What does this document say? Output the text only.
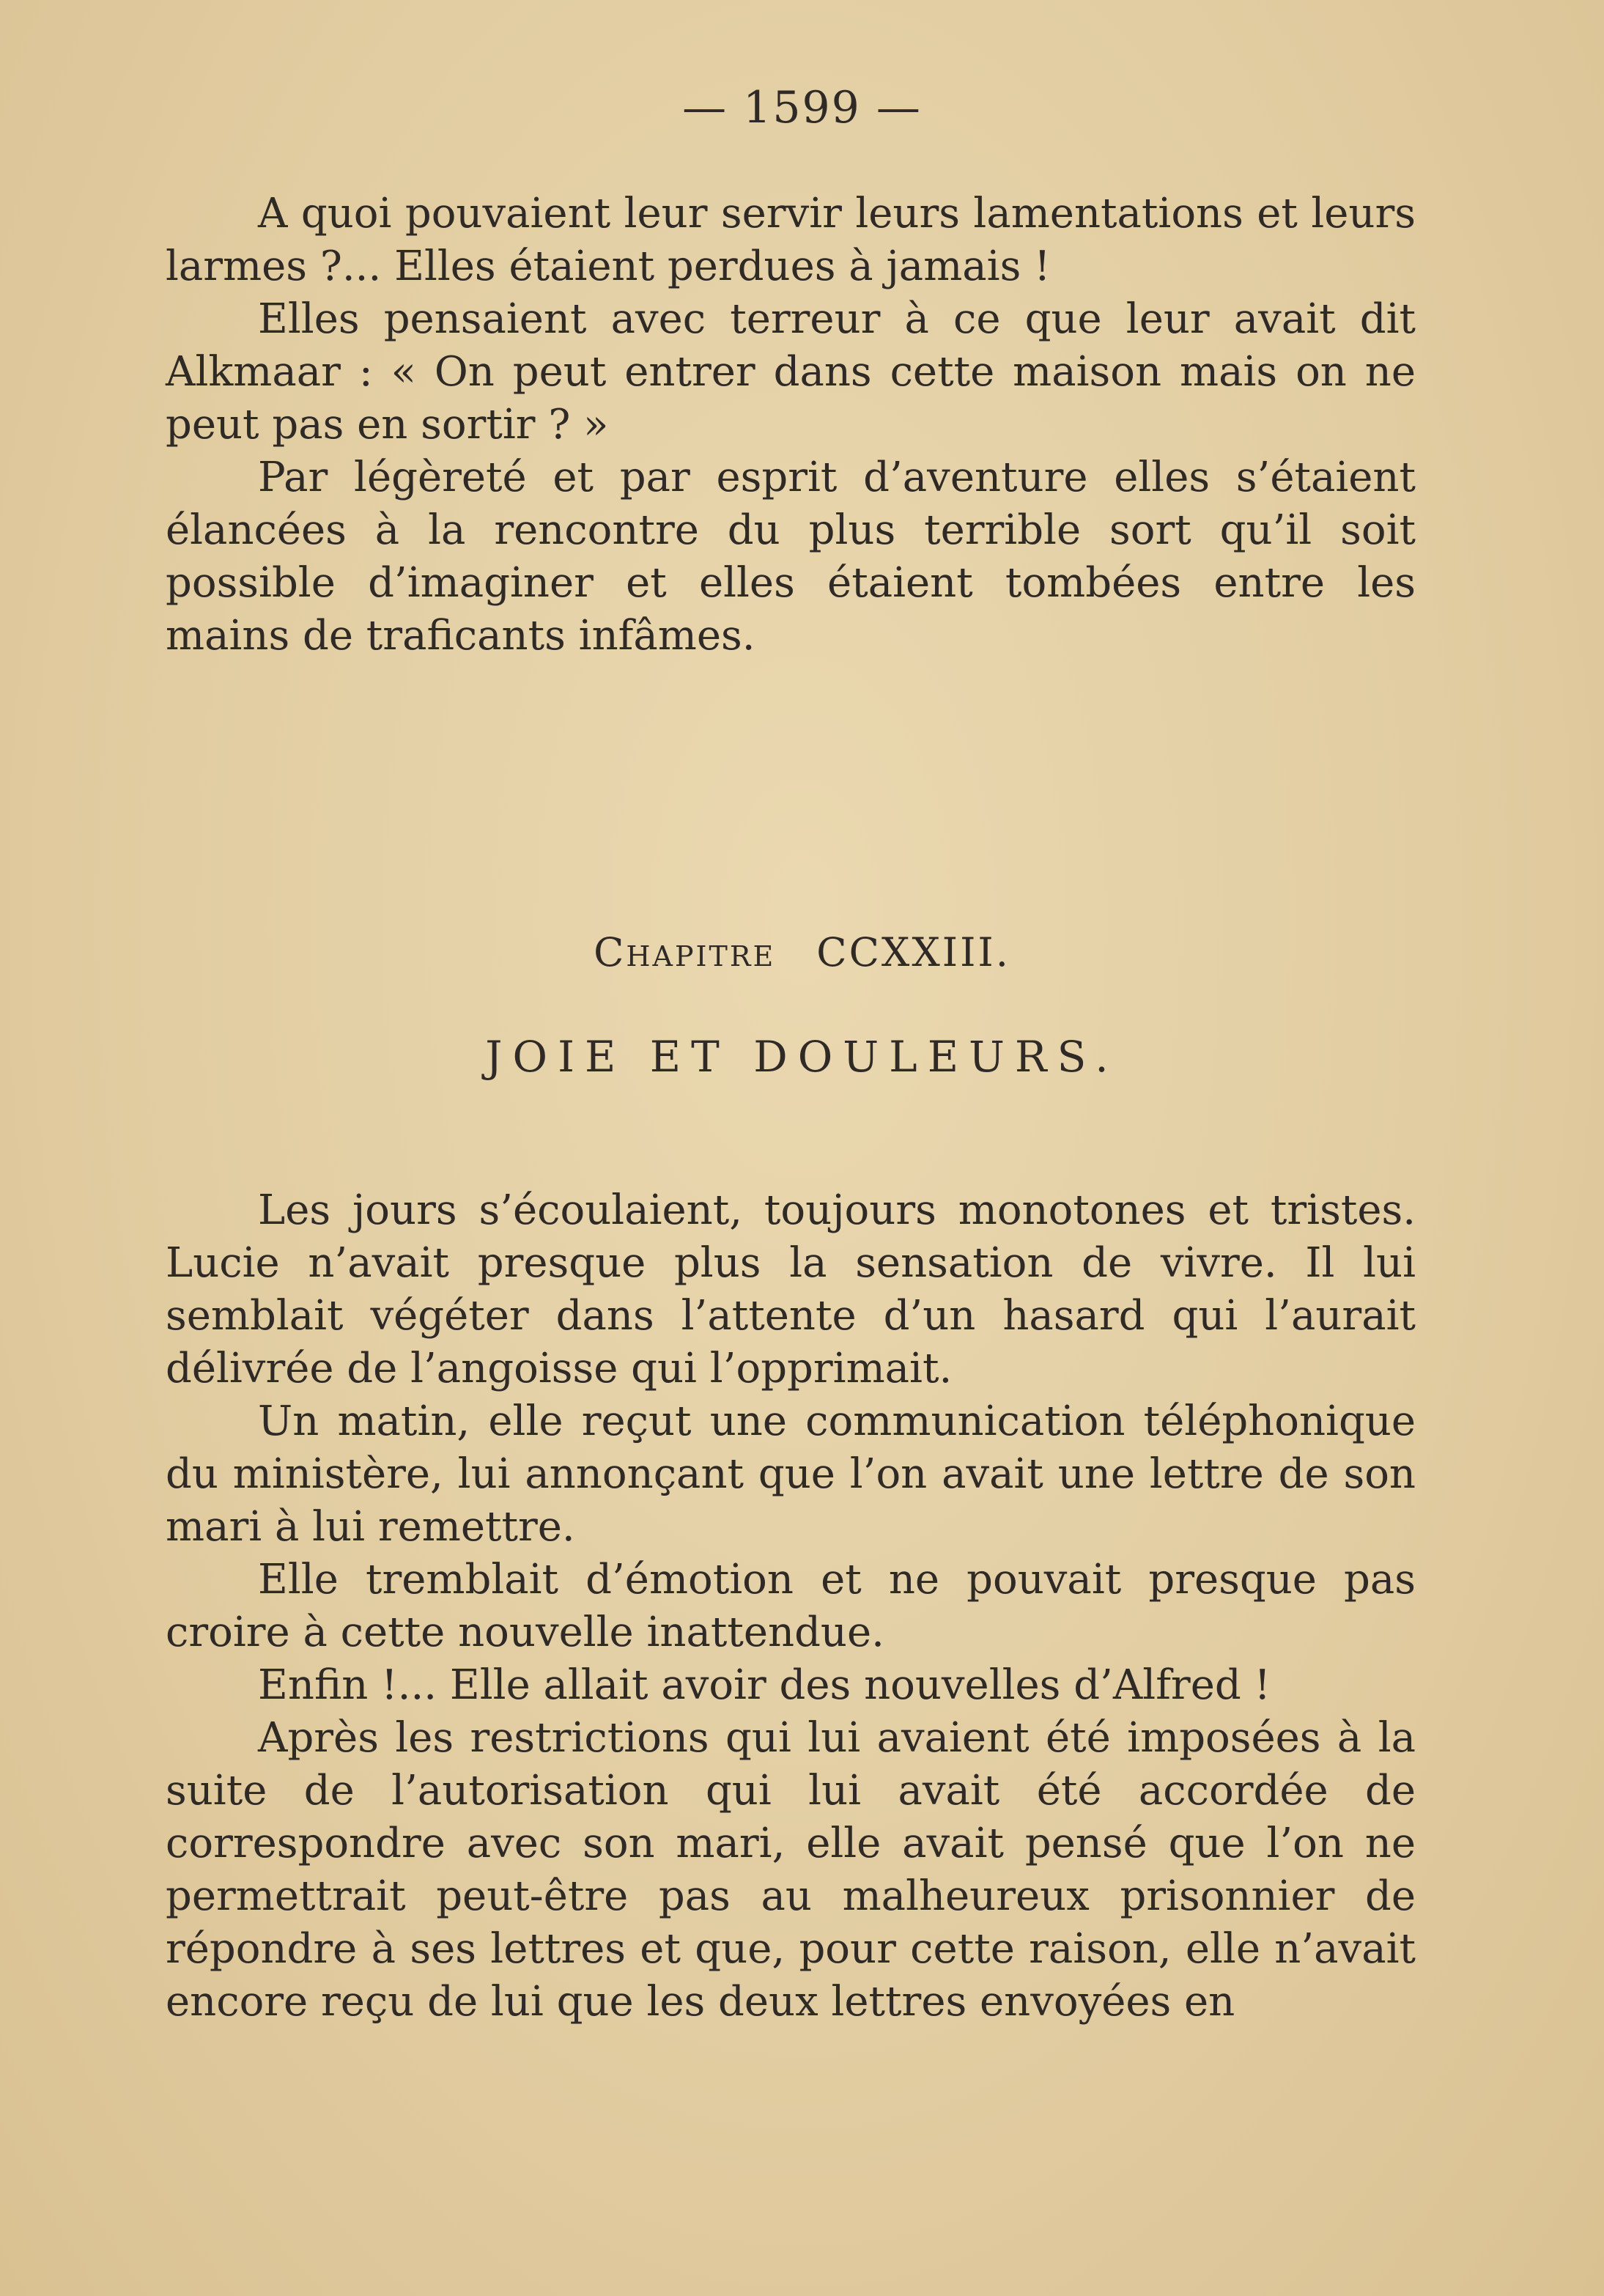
— 1599 —

A quoi pouvaient leur servir leurs lamentations et leurs larmes ?... Elles étaient perdues à jamais !

Elles pensaient avec terreur à ce que leur avait dit Alkmaar : « On peut entrer dans cette maison mais on ne peut pas en sortir ? »

Par légèreté et par esprit d’aventure elles s’étaient élancées à la rencontre du plus terrible sort qu’il soit possible d’imaginer et elles étaient tombées entre les mains de traficants infâmes.

Chapitre CCXXIII.
JOIE ET DOULEURS.

Les jours s’écoulaient, toujours monotones et tristes. Lucie n’avait presque plus la sensation de vivre. Il lui semblait végéter dans l’attente d’un hasard qui l’aurait délivrée de l’angoisse qui l’opprimait.

Un matin, elle reçut une communication téléphonique du ministère, lui annonçant que l’on avait une lettre de son mari à lui remettre.

Elle tremblait d’émotion et ne pouvait presque pas croire à cette nouvelle inattendue.

Enfin !... Elle allait avoir des nouvelles d’Alfred !

Après les restrictions qui lui avaient été imposées à la suite de l’autorisation qui lui avait été accordée de correspondre avec son mari, elle avait pensé que l’on ne permettrait peut-être pas au malheureux prisonnier de répondre à ses lettres et que, pour cette raison, elle n’avait encore reçu de lui que les deux lettres envoyées en
